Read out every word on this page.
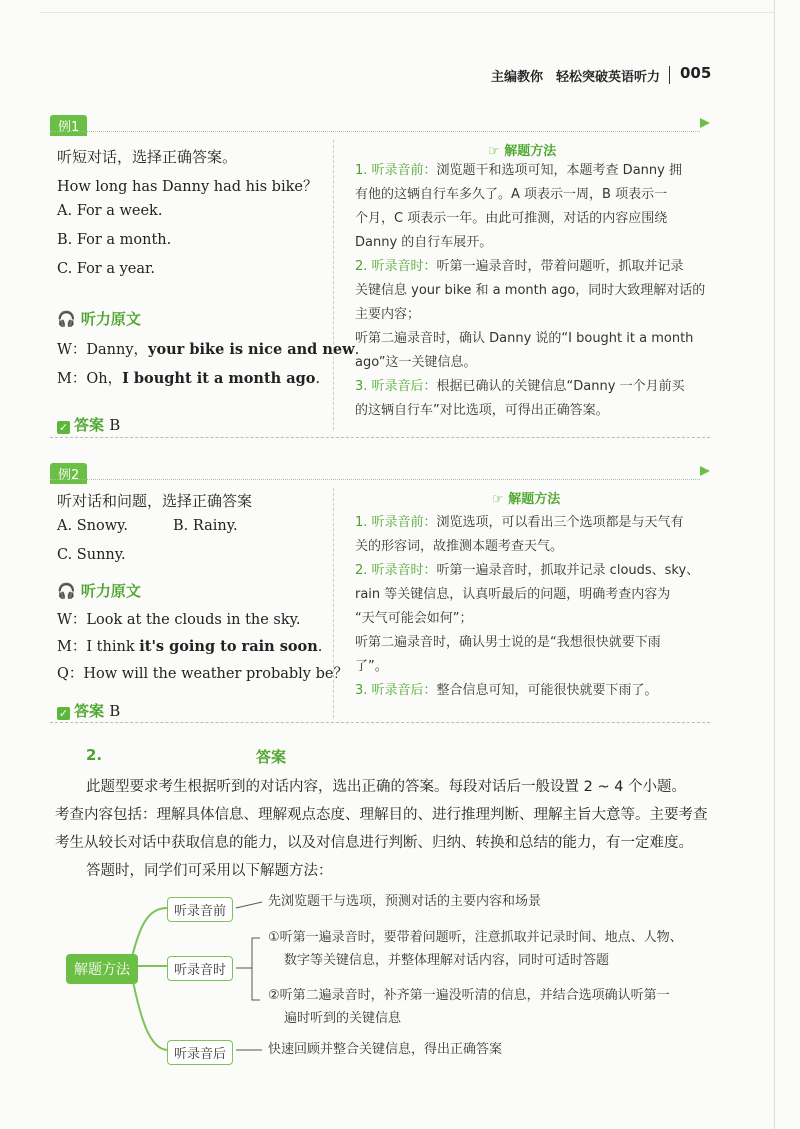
主编教你　轻松突破英语听力 005
例1
听短对话，选择正确答案。
How long has Danny had his bike？
A. For a week.
B. For a month.
C. For a year.
🎧 听力原文
W：Danny，your bike is nice and new.
M：Oh，I bought it a month ago.
✓ 答案 B
☞ 解题方法
1. 听录音前：浏览题干和选项可知，本题考查 Danny 拥
有他的这辆自行车多久了。A 项表示一周，B 项表示一
个月，C 项表示一年。由此可推测，对话的内容应围绕
Danny 的自行车展开。
2. 听录音时：听第一遍录音时，带着问题听，抓取并记录
关键信息 your bike 和 a month ago，同时大致理解对话的
主要内容；
听第二遍录音时，确认 Danny 说的“I bought it a month
ago”这一关键信息。
3. 听录音后：根据已确认的关键信息“Danny 一个月前买
的这辆自行车”对比选项，可得出正确答案。
例2
听对话和问题，选择正确答案
A. Snowy.	B. Rainy.
C. Sunny.
🎧 听力原文
W：Look at the clouds in the sky.
M：I think it's going to rain soon.
Q：How will the weather probably be？
✓ 答案 B
☞ 解题方法
1. 听录音前：浏览选项，可以看出三个选项都是与天气有
关的形容词，故推测本题考查天气。
2. 听录音时：听第一遍录音时，抓取并记录 clouds、sky、
rain 等关键信息，认真听最后的问题，明确考查内容为
“天气可能会如何”；
听第二遍录音时，确认男士说的是“我想很快就要下雨
了”。
3. 听录音后：整合信息可知，可能很快就要下雨了。
2.	答案
此题型要求考生根据听到的对话内容，选出正确的答案。每段对话后一般设置 2 ~ 4 个小题。
考查内容包括：理解具体信息、理解观点态度、理解目的、进行推理判断、理解主旨大意等。主要考查
考生从较长对话中获取信息的能力，以及对信息进行判断、归纳、转换和总结的能力，有一定难度。
答题时，同学们可采用以下解题方法：
解题方法
听录音前
听录音时
听录音后
先浏览题干与选项，预测对话的主要内容和场景
①听第一遍录音时，要带着问题听，注意抓取并记录时间、地点、人物、
数字等关键信息，并整体理解对话内容，同时可适时答题
②听第二遍录音时，补齐第一遍没听清的信息，并结合选项确认听第一
遍时听到的关键信息
快速回顾并整合关键信息，得出正确答案
